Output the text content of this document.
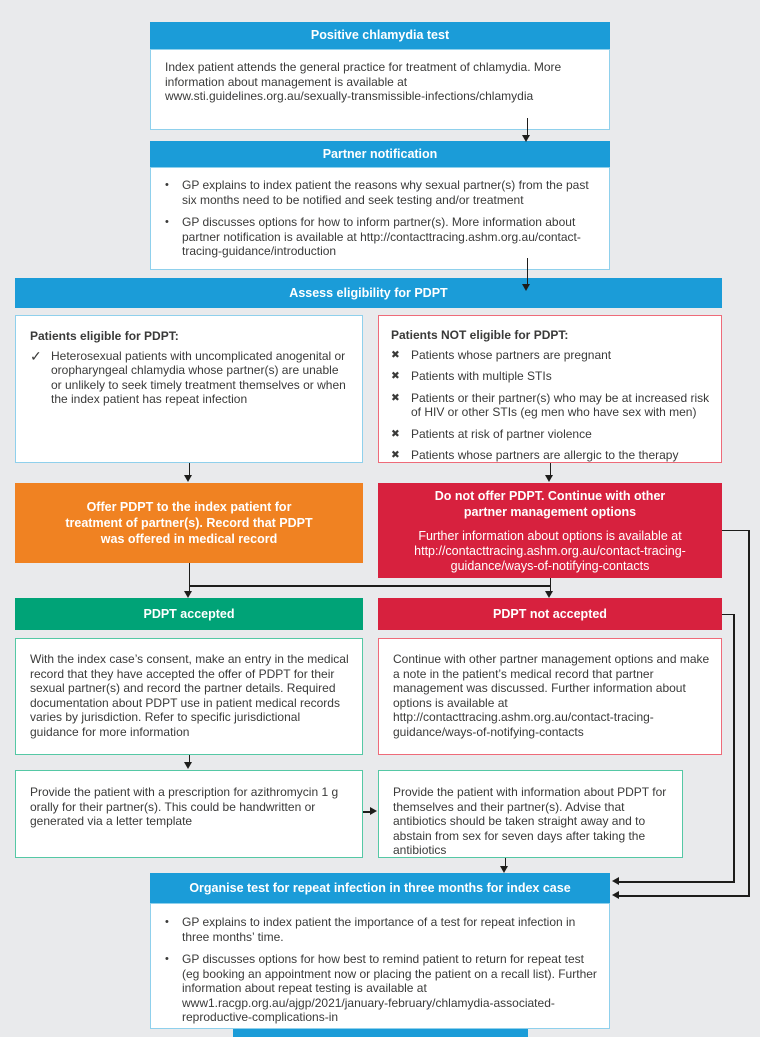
Positive chlamydia test
Index patient attends the general practice for treatment of chlamydia. More information about management is available at www.sti.guidelines.org.au/sexually-transmissible-infections/chlamydia
Partner notification
•	GP explains to index patient the reasons why sexual partner(s) from the past six months need to be notified and seek testing and/or treatment
•	GP discusses options for how to inform partner(s). More information about partner notification is available at http://contacttracing.ashm.org.au/contact-tracing-guidance/introduction
Assess eligibility for PDPT
Patients eligible for PDPT:
✓ Heterosexual patients with uncomplicated anogenital or oropharyngeal chlamydia whose partner(s) are unable or unlikely to seek timely treatment themselves or when the index patient has repeat infection
Patients NOT eligible for PDPT:
✖ Patients whose partners are pregnant
✖ Patients with multiple STIs
✖ Patients or their partner(s) who may be at increased risk of HIV or other STIs (eg men who have sex with men)
✖ Patients at risk of partner violence
✖ Patients whose partners are allergic to the therapy
Offer PDPT to the index patient for treatment of partner(s). Record that PDPT was offered in medical record
Do not offer PDPT. Continue with other partner management options
Further information about options is available at http://contacttracing.ashm.org.au/contact-tracing-guidance/ways-of-notifying-contacts
PDPT accepted	PDPT not accepted
With the index case’s consent, make an entry in the medical record that they have accepted the offer of PDPT for their sexual partner(s) and record the partner details. Required documentation about PDPT use in patient medical records varies by jurisdiction. Refer to specific jurisdictional guidance for more information
Continue with other partner management options and make a note in the patient’s medical record that partner management was discussed. Further information about options is available at http://contacttracing.ashm.org.au/contact-tracing-guidance/ways-of-notifying-contacts
Provide the patient with a prescription for azithromycin 1 g orally for their partner(s). This could be handwritten or generated via a letter template
Provide the patient with information about PDPT for themselves and their partner(s). Advise that antibiotics should be taken straight away and to abstain from sex for seven days after taking the antibiotics
Organise test for repeat infection in three months for index case
•	GP explains to index patient the importance of a test for repeat infection in three months’ time.
•	GP discusses options for how best to remind patient to return for repeat test (eg booking an appointment now or placing the patient on a recall list). Further information about repeat testing is available at www1.racgp.org.au/ajgp/2021/january-february/chlamydia-associated-reproductive-complications-in
